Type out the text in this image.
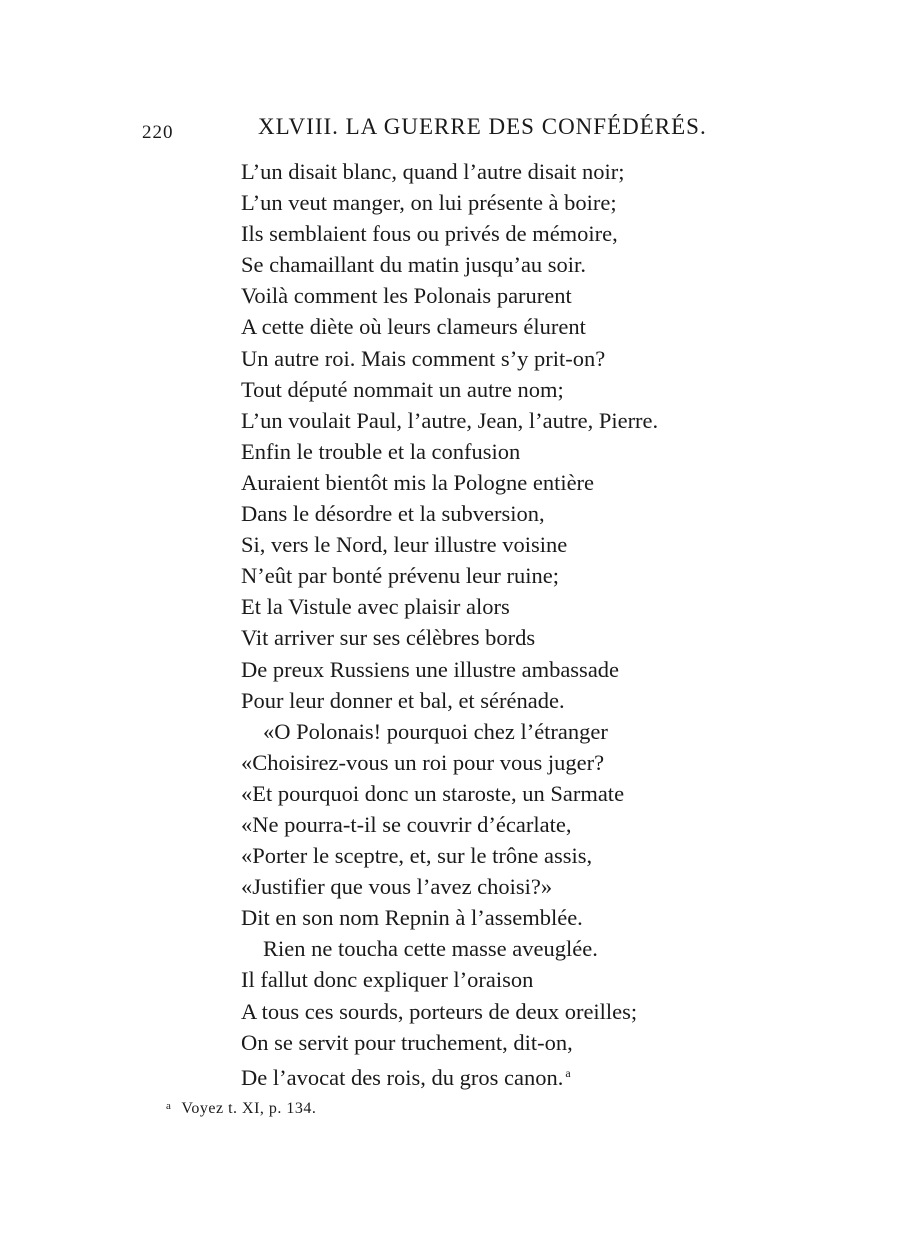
220	XLVIII. LA GUERRE DES CONFÉDÉRÉS.
L’un disait blanc, quand l’autre disait noir;
L’un veut manger, on lui présente à boire;
Ils semblaient fous ou privés de mémoire,
Se chamaillant du matin jusqu’au soir.
Voilà comment les Polonais parurent
A cette diète où leurs clameurs élurent
Un autre roi. Mais comment s’y prit-on?
Tout député nommait un autre nom;
L’un voulait Paul, l’autre, Jean, l’autre, Pierre.
Enfin le trouble et la confusion
Auraient bientôt mis la Pologne entière
Dans le désordre et la subversion,
Si, vers le Nord, leur illustre voisine
N’eût par bonté prévenu leur ruine;
Et la Vistule avec plaisir alors
Vit arriver sur ses célèbres bords
De preux Russiens une illustre ambassade
Pour leur donner et bal, et sérénade.
«O Polonais! pourquoi chez l’étranger
«Choisirez-vous un roi pour vous juger?
«Et pourquoi donc un staroste, un Sarmate
«Ne pourra-t-il se couvrir d’écarlate,
«Porter le sceptre, et, sur le trône assis,
«Justifier que vous l’avez choisi?»
Dit en son nom Repnin à l’assemblée.
Rien ne toucha cette masse aveuglée.
Il fallut donc expliquer l’oraison
A tous ces sourds, porteurs de deux oreilles;
On se servit pour truchement, dit-on,
De l’avocat des rois, du gros canon. $^a$
$^a$ Voyez t. XI, p. 134.
